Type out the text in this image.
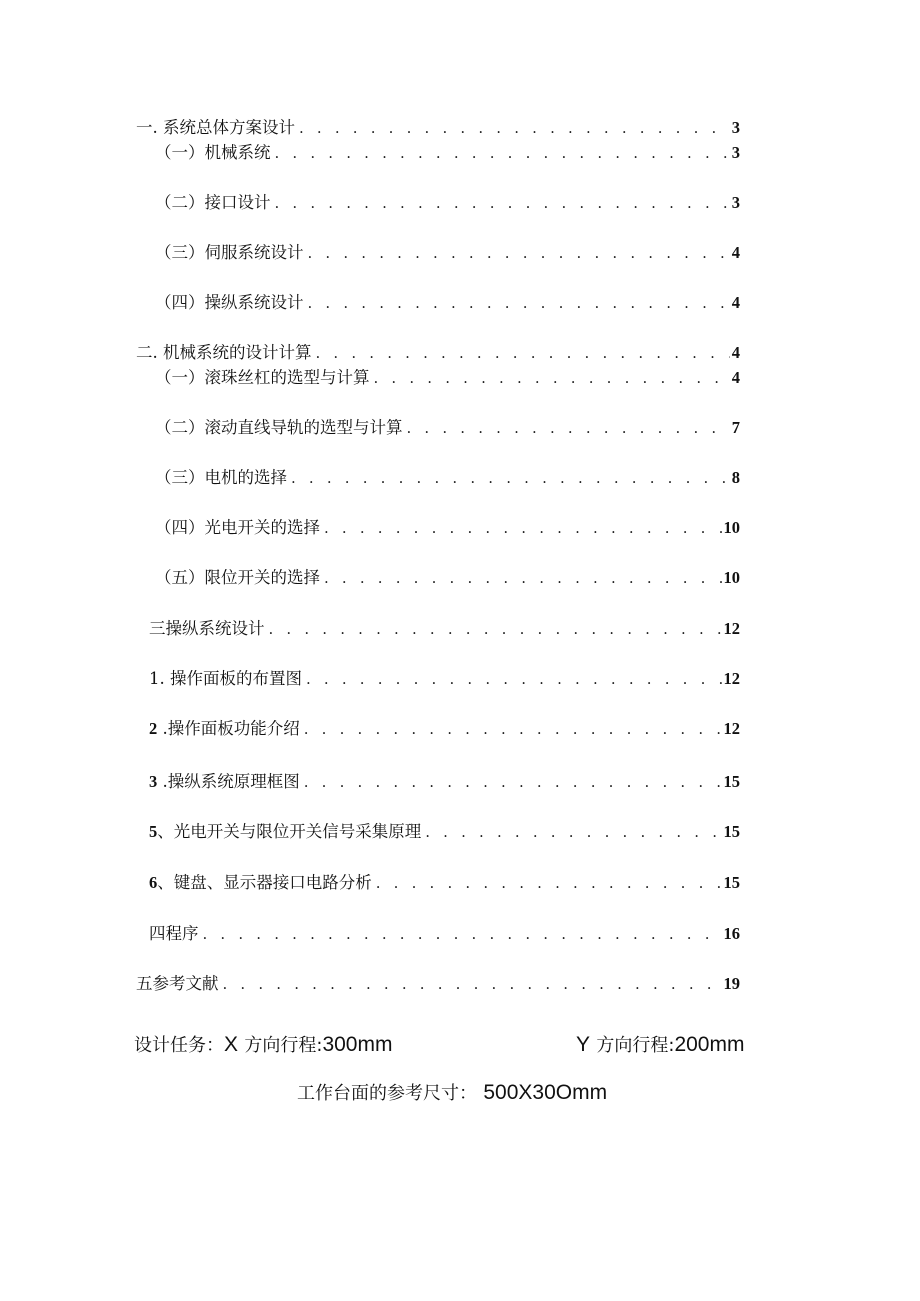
一. 系统总体方案设计 . . .	3
（一）机械系统 . . .	3
（二）接口设计 . . .	3
（三）伺服系统设计 . . .	4
（四）操纵系统设计 . . .	4
二. 机械系统的设计计算 . . .	4
（一）滚珠丝杠的选型与计算 . . .	4
（二）滚动直线导轨的选型与计算 . . .	7
（三）电机的选择 . . .	8
（四）光电开关的选择 . . .	10
（五）限位开关的选择 . . .	10
三操纵系统设计 . . .	12
1. 操作面板的布置图 . . .	12
2 .操作面板功能介绍 . . .	12
3 .操纵系统原理框图 . . .	15
5、光电开关与限位开关信号采集原理 . . .	15
6、键盘、显示器接口电路分析 . . .	15
四程序 . . .	16
五参考文献 . . .	19
设计任务：X 方向行程:300mm	Y 方向行程:200mm
工作台面的参考尺寸： 500X30Omm
